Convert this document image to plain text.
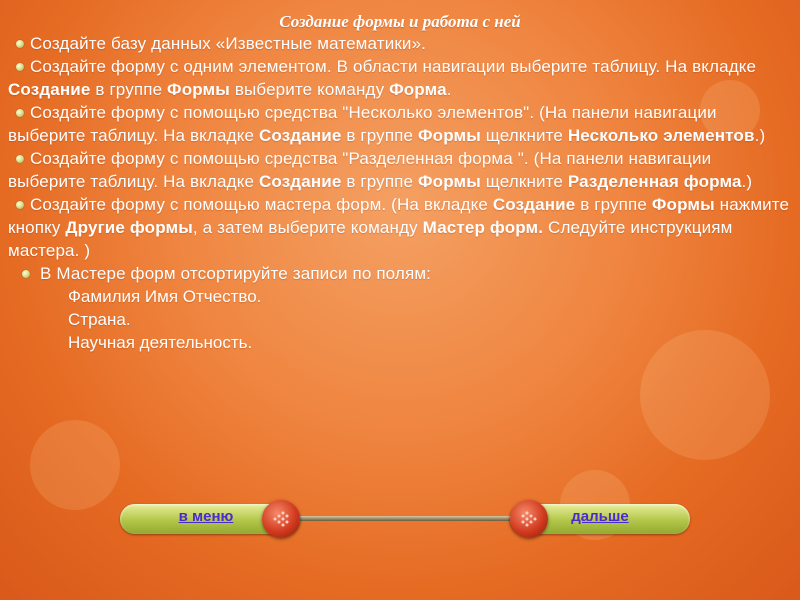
Создание формы и работа с ней

Создайте базу данных «Известные математики».

Создайте форму с одним элементом. В области навигации выберите таблицу. На вкладке Создание в группе Формы выберите команду Форма.

Создайте форму с помощью средства "Несколько элементов". (На панели навигации выберите таблицу. На вкладке Создание в группе Формы щелкните Несколько элементов.)

Создайте форму с помощью средства "Разделенная форма ". (На панели навигации выберите таблицу. На вкладке Создание в группе Формы щелкните Разделенная форма.)

Создайте форму с помощью мастера форм. (На вкладке Создание в группе Формы нажмите кнопку Другие формы, а затем выберите команду Мастер форм. Следуйте инструкциям мастера. )

В Мастере форм отсортируйте записи по полям:

Фамилия Имя Отчество.

Страна.

Научная деятельность.

в меню	дальше
